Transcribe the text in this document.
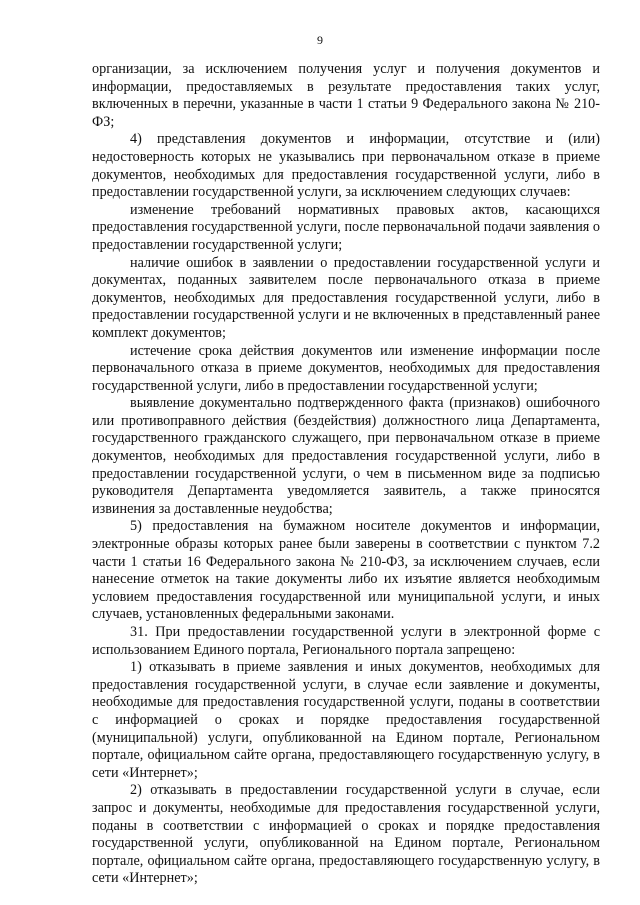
9

организации, за исключением получения услуг и получения документов и информации, предоставляемых в результате предоставления таких услуг, включенных в перечни, указанные в части 1 статьи 9 Федерального закона № 210-ФЗ;

4) представления документов и информации, отсутствие и (или) недостоверность которых не указывались при первоначальном отказе в приеме документов, необходимых для предоставления государственной услуги, либо в предоставлении государственной услуги, за исключением следующих случаев:

изменение требований нормативных правовых актов, касающихся предоставления государственной услуги, после первоначальной подачи заявления о предоставлении государственной услуги;

наличие ошибок в заявлении о предоставлении государственной услуги и документах, поданных заявителем после первоначального отказа в приеме документов, необходимых для предоставления государственной услуги, либо в предоставлении государственной услуги и не включенных в представленный ранее комплект документов;

истечение срока действия документов или изменение информации после первоначального отказа в приеме документов, необходимых для предоставления государственной услуги, либо в предоставлении государственной услуги;

выявление документально подтвержденного факта (признаков) ошибочного или противоправного действия (бездействия) должностного лица Департамента, государственного гражданского служащего, при первоначальном отказе в приеме документов, необходимых для предоставления государственной услуги, либо в предоставлении государственной услуги, о чем в письменном виде за подписью руководителя Департамента уведомляется заявитель, а также приносятся извинения за доставленные неудобства;

5) предоставления на бумажном носителе документов и информации, электронные образы которых ранее были заверены в соответствии с пунктом 7.2 части 1 статьи 16 Федерального закона № 210-ФЗ, за исключением случаев, если нанесение отметок на такие документы либо их изъятие является необходимым условием предоставления государственной или муниципальной услуги, и иных случаев, установленных федеральными законами.

31. При предоставлении государственной услуги в электронной форме с использованием Единого портала, Регионального портала запрещено:

1) отказывать в приеме заявления и иных документов, необходимых для предоставления государственной услуги, в случае если заявление и документы, необходимые для предоставления государственной услуги, поданы в соответствии с информацией о сроках и порядке предоставления государственной (муниципальной) услуги, опубликованной на Едином портале, Региональном портале, официальном сайте органа, предоставляющего государственную услугу, в сети «Интернет»;

2) отказывать в предоставлении государственной услуги в случае, если запрос и документы, необходимые для предоставления государственной услуги, поданы в соответствии с информацией о сроках и порядке предоставления государственной услуги, опубликованной на Едином портале, Региональном портале, официальном сайте органа, предоставляющего государственную услугу, в сети «Интернет»;
